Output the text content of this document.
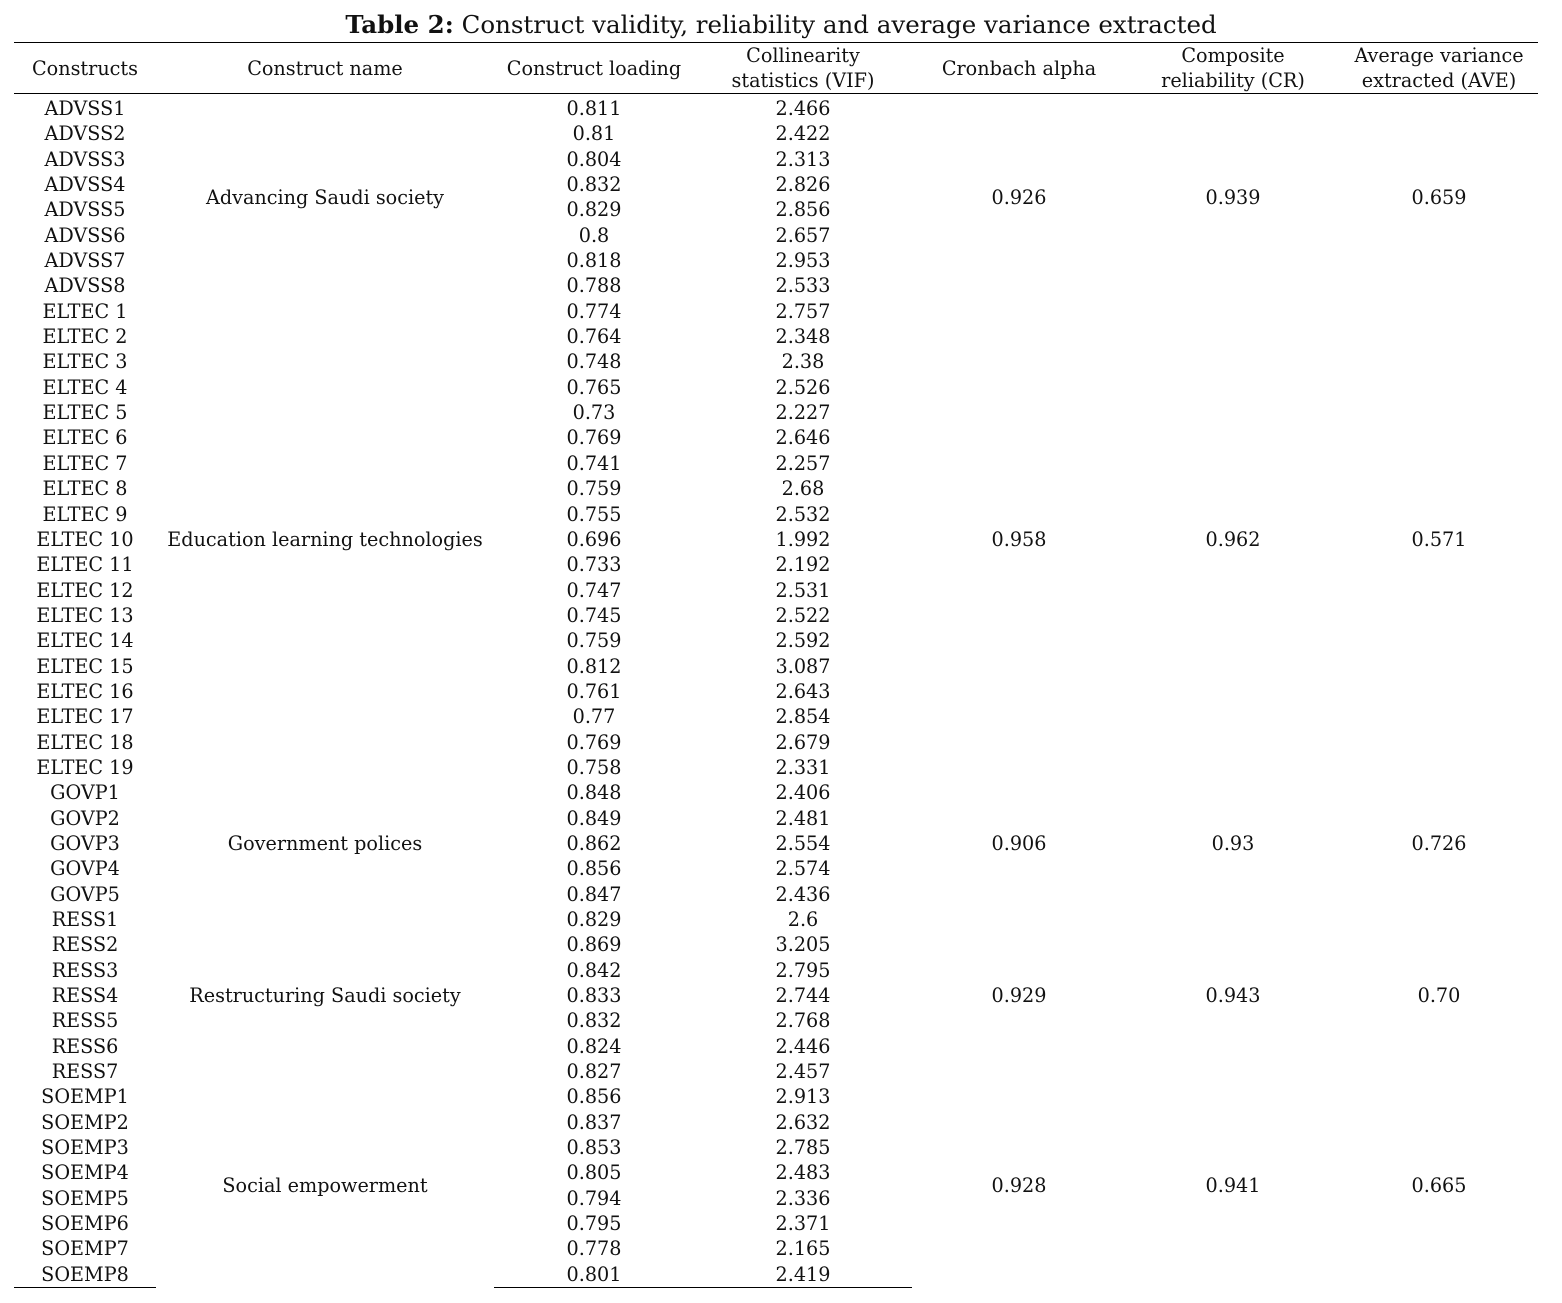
Table 2: Construct validity, reliability and average variance extracted
Constructs	Construct name	Construct loading	Collinearity
statistics (VIF)	Cronbach alpha	Composite
reliability (CR)	Average variance
extracted (AVE)
ADVSS1	Advancing Saudi society	0.811	2.466	0.926	0.939	0.659
ADVSS2		0.81	2.422			
ADVSS3		0.804	2.313			
ADVSS4		0.832	2.826			
ADVSS5		0.829	2.856			
ADVSS6		0.8	2.657			
ADVSS7		0.818	2.953			
ADVSS8		0.788	2.533			
ELTEC 1	Education learning technologies	0.774	2.757	0.958	0.962	0.571
ELTEC 2		0.764	2.348			
ELTEC 3		0.748	2.38			
ELTEC 4		0.765	2.526			
ELTEC 5		0.73	2.227			
ELTEC 6		0.769	2.646			
ELTEC 7		0.741	2.257			
ELTEC 8		0.759	2.68			
ELTEC 9		0.755	2.532			
ELTEC 10		0.696	1.992			
ELTEC 11		0.733	2.192			
ELTEC 12		0.747	2.531			
ELTEC 13		0.745	2.522			
ELTEC 14		0.759	2.592			
ELTEC 15		0.812	3.087			
ELTEC 16		0.761	2.643			
ELTEC 17		0.77	2.854			
ELTEC 18		0.769	2.679			
ELTEC 19		0.758	2.331			
GOVP1	Government polices	0.848	2.406	0.906	0.93	0.726
GOVP2		0.849	2.481			
GOVP3		0.862	2.554			
GOVP4		0.856	2.574			
GOVP5		0.847	2.436			
RESS1	Restructuring Saudi society	0.829	2.6	0.929	0.943	0.70
RESS2		0.869	3.205			
RESS3		0.842	2.795			
RESS4		0.833	2.744			
RESS5		0.832	2.768			
RESS6		0.824	2.446			
RESS7		0.827	2.457			
SOEMP1	Social empowerment	0.856	2.913	0.928	0.941	0.665
SOEMP2		0.837	2.632			
SOEMP3		0.853	2.785			
SOEMP4		0.805	2.483			
SOEMP5		0.794	2.336			
SOEMP6		0.795	2.371			
SOEMP7		0.778	2.165			
SOEMP8		0.801	2.419			
